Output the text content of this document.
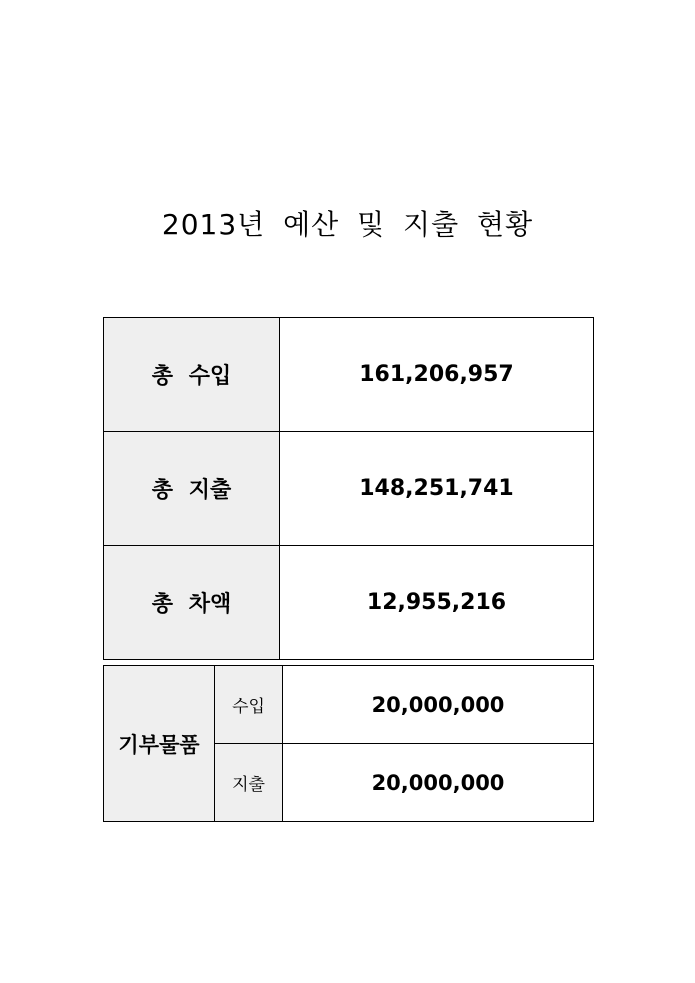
2013년 예산 및 지출 현황
총 수입	161,206,957
총 지출	148,251,741
총 차액	12,955,216
기부물품	수입	20,000,000
	지출	20,000,000
